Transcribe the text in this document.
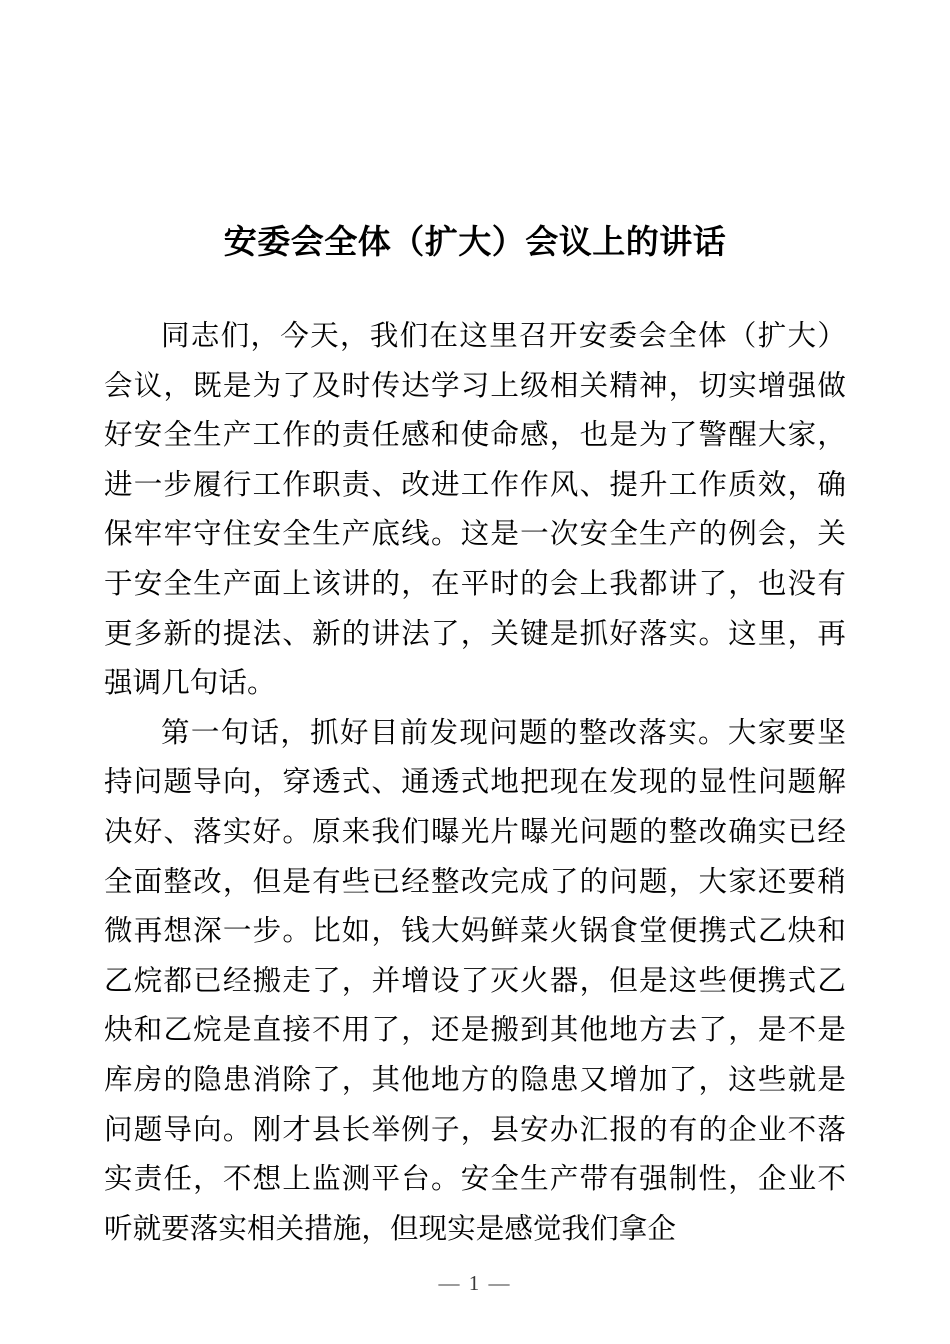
安委会全体（扩大）会议上的讲话

同志们，今天，我们在这里召开安委会全体（扩大）会议，既是为了及时传达学习上级相关精神，切实增强做好安全生产工作的责任感和使命感，也是为了警醒大家，进一步履行工作职责、改进工作作风、提升工作质效，确保牢牢守住安全生产底线。这是一次安全生产的例会，关于安全生产面上该讲的，在平时的会上我都讲了，也没有更多新的提法、新的讲法了，关键是抓好落实。这里，再强调几句话。

第一句话，抓好目前发现问题的整改落实。大家要坚持问题导向，穿透式、通透式地把现在发现的显性问题解决好、落实好。原来我们曝光片曝光问题的整改确实已经全面整改，但是有些已经整改完成了的问题，大家还要稍微再想深一步。比如，钱大妈鲜菜火锅食堂便携式乙炔和乙烷都已经搬走了，并增设了灭火器，但是这些便携式乙炔和乙烷是直接不用了，还是搬到其他地方去了，是不是库房的隐患消除了，其他地方的隐患又增加了，这些就是问题导向。刚才县长举例子，县安办汇报的有的企业不落实责任，不想上监测平台。安全生产带有强制性，企业不听就要落实相关措施，但现实是感觉我们拿企

— 1 —
